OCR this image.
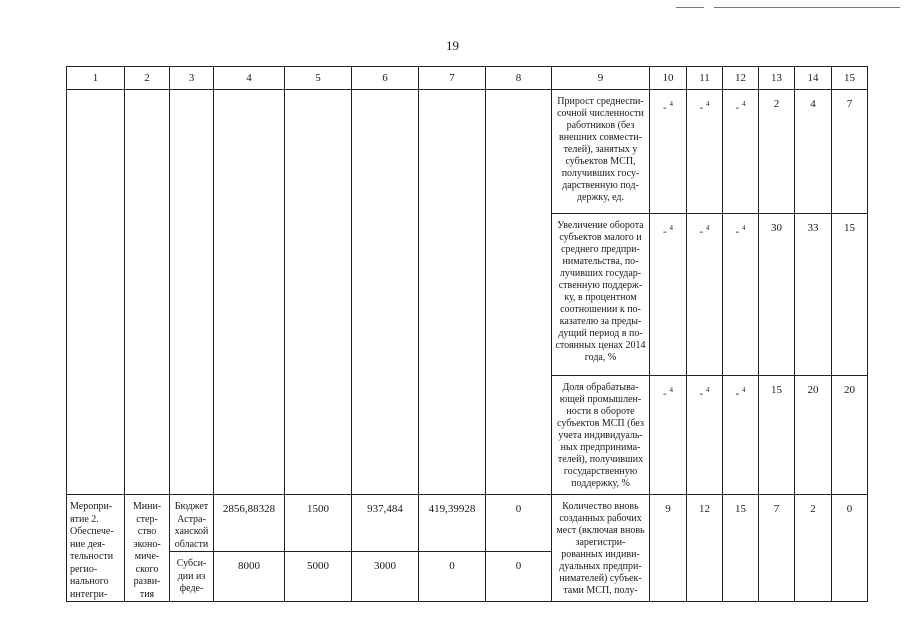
19
1	2	3	4	5	6	7	8	9	10	11	12	13	14	15
								Прирост среднеспи-сочной численности работников (без внешних совмести-телей), занятых у субъектов МСП, получивших госу-дарственную под-держку, ед.	- $^4$	- $^4$	- $^4$	2	4	7
								Увеличение оборота субъектов малого и среднего предпри-нимательства, по-лучивших государ-ственную поддерж-ку, в процентном соотношении к по-казателю за преды-дущий период в по-стоянных ценах 2014 года, %	- $^4$	- $^4$	- $^4$	30	33	15
								Доля обрабатыва-ющей промышлен-ности в обороте субъектов МСП (без учета индивидуаль-ных предпринима-телей), получивших государственную поддержку, %	- $^4$	- $^4$	- $^4$	15	20	20
Меропри-ятие 2. Обеспече-ние дея-тельности регио-нального интегри-	Мини-стер-ство эконо-миче-ского разви-тия	Бюджет Астра-ханской области	2856,88328	1500	937,484	419,39928	0	Количество вновь созданных рабочих мест (включая вновь зарегистри-рованных индиви-дуальных предпри-нимателей) субъек-тами МСП, полу-	9	12	15	7	2	0
		Субси-дии из феде-	8000	5000	3000	0	0							
